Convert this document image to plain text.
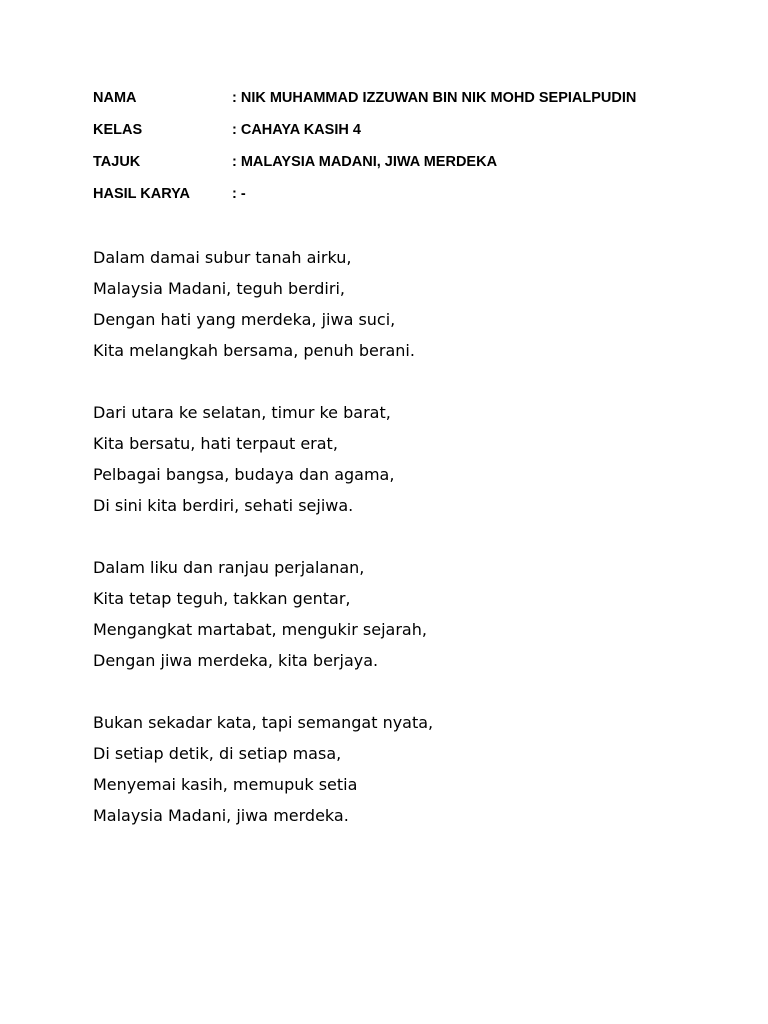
NAMA	: NIK MUHAMMAD IZZUWAN BIN NIK MOHD SEPIALPUDIN
KELAS	: CAHAYA KASIH 4
TAJUK	: MALAYSIA MADANI, JIWA MERDEKA
HASIL KARYA	: -
Dalam damai subur tanah airku,
Malaysia Madani, teguh berdiri,
Dengan hati yang merdeka, jiwa suci,
Kita melangkah bersama, penuh berani.
Dari utara ke selatan, timur ke barat,
Kita bersatu, hati terpaut erat,
Pelbagai bangsa, budaya dan agama,
Di sini kita berdiri, sehati sejiwa.
Dalam liku dan ranjau perjalanan,
Kita tetap teguh, takkan gentar,
Mengangkat martabat, mengukir sejarah,
Dengan jiwa merdeka, kita berjaya.
Bukan sekadar kata, tapi semangat nyata,
Di setiap detik, di setiap masa,
Menyemai kasih, memupuk setia
Malaysia Madani, jiwa merdeka.
